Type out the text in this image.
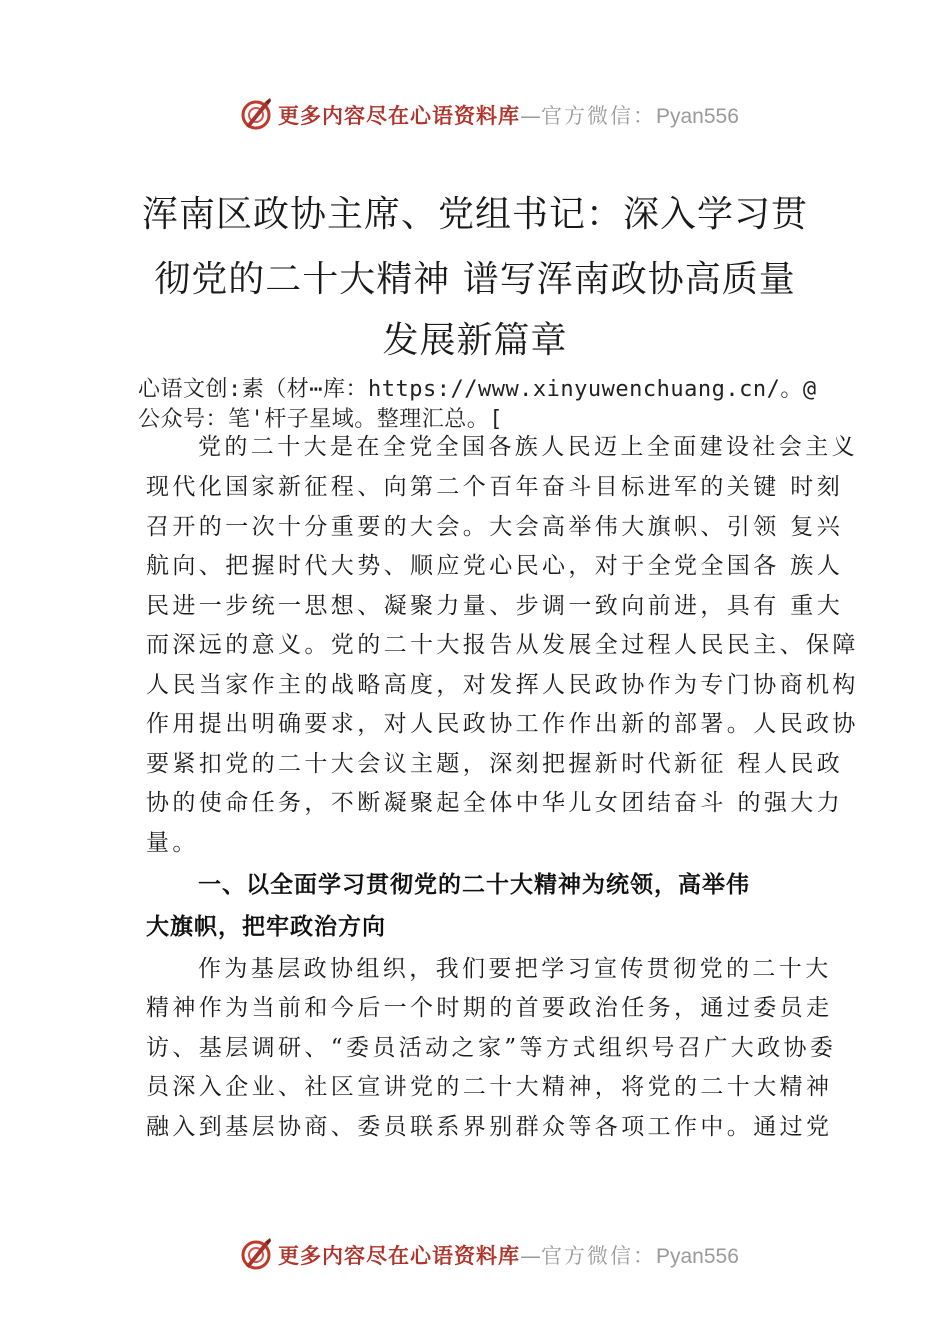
更多内容尽在心语资料库—官方微信：Pyan556
浑南区政协主席、党组书记：深入学习贯
彻党的二十大精神 谱写浑南政协高质量
发展新篇章
心语文创:素（材⋯库：https://www.xinyuwenchuang.cn/。@
公众号：笔'杆子星域。整理汇总。[
党的二十大是在全党全国各族人民迈上全面建设社会主义
现代化国家新征程、向第二个百年奋斗目标进军的关键 时刻
召开的一次十分重要的大会。大会高举伟大旗帜、引领 复兴
航向、把握时代大势、顺应党心民心，对于全党全国各 族人
民进一步统一思想、凝聚力量、步调一致向前进，具有 重大
而深远的意义。党的二十大报告从发展全过程人民民主、保障
人民当家作主的战略高度，对发挥人民政协作为专门协商机构
作用提出明确要求，对人民政协工作作出新的部署。人民政协
要紧扣党的二十大会议主题，深刻把握新时代新征 程人民政
协的使命任务，不断凝聚起全体中华儿女团结奋斗 的强大力
量。
一、以全面学习贯彻党的二十大精神为统领，高举伟
大旗帜，把牢政治方向
作为基层政协组织，我们要把学习宣传贯彻党的二十大
精神作为当前和今后一个时期的首要政治任务，通过委员走
访、基层调研、“委员活动之家”等方式组织号召广大政协委
员深入企业、社区宣讲党的二十大精神，将党的二十大精神
融入到基层协商、委员联系界别群众等各项工作中。通过党
更多内容尽在心语资料库—官方微信：Pyan556
